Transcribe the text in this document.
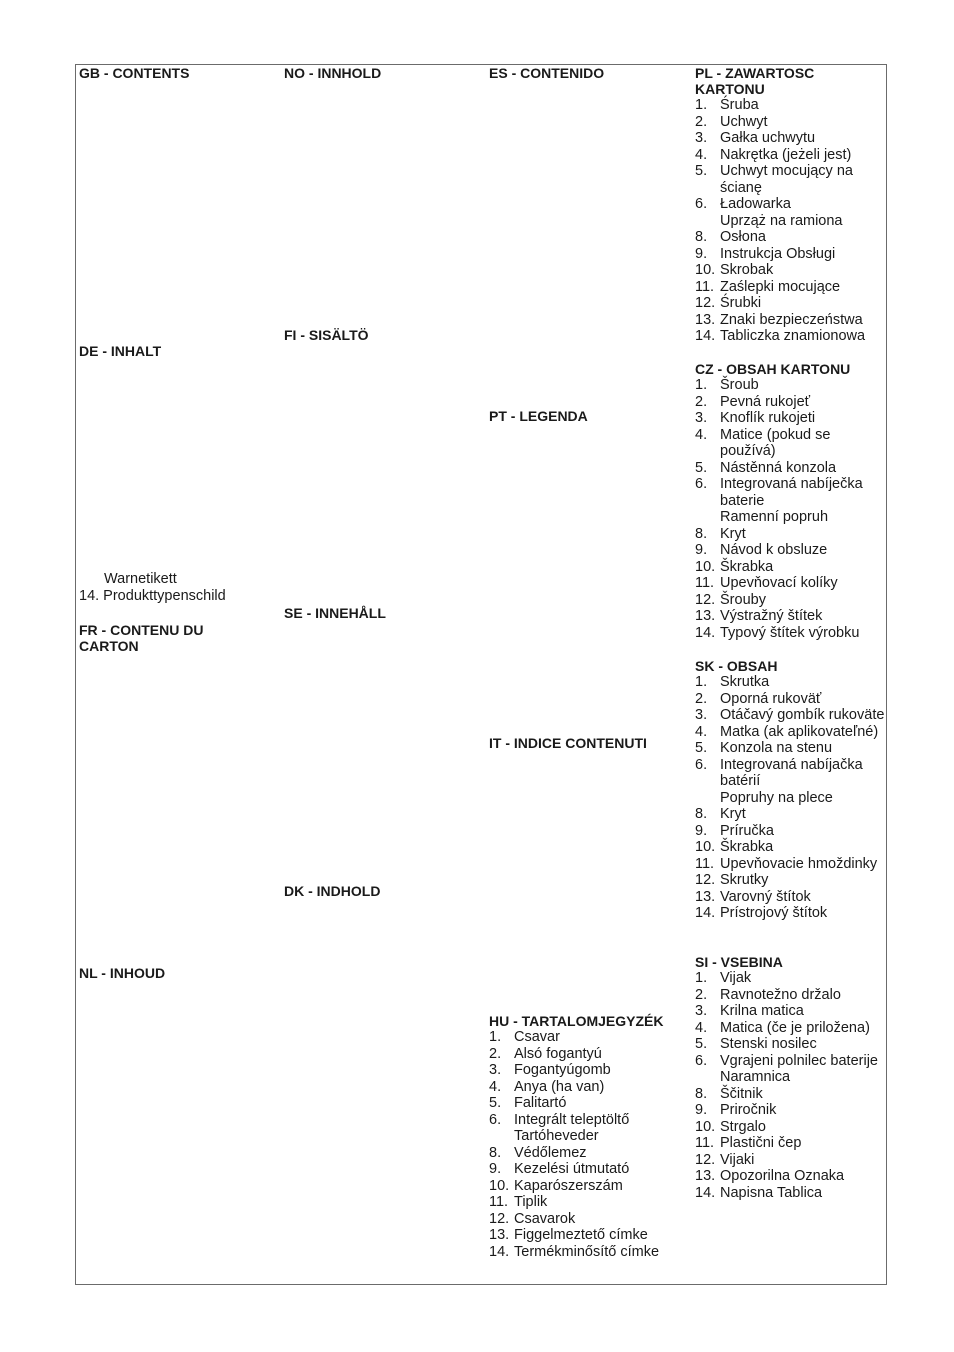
GB - CONTENTS
DE - INHALT
Warnetikett
14. Produkttypenschild
FR - CONTENU DU CARTON
NL - INHOUD
NO - INNHOLD
FI - SISÄLTÖ
SE - INNEHÅLL
DK - INDHOLD
ES - CONTENIDO
PT - LEGENDA
IT - INDICE CONTENUTI
HU - TARTALOMJEGYZÉK
1. Csavar
2. Alsó fogantyú
3. Fogantyúgomb
4. Anya (ha van)
5. Falitartó
6. Integrált teleptöltő
Tartóheveder
8. Védőlemez
9. Kezelési útmutató
10. Kaparószerszám
11. Tiplik
12. Csavarok
13. Figgelmeztető címke
14. Termékminősítő címke
PL - ZAWARTOSC KARTONU
1. Śruba
2. Uchwyt
3. Gałka uchwytu
4. Nakrętka (jeżeli jest)
5. Uchwyt mocujący na ścianę
6. Ładowarka
Uprząż na ramiona
8. Osłona
9. Instrukcja Obsługi
10. Skrobak
11. Zaślepki mocujące
12. Śrubki
13. Znaki bezpieczeństwa
14. Tabliczka znamionowa
CZ - OBSAH KARTONU
1. Šroub
2. Pevná rukojeť
3. Knoflík rukojeti
4. Matice (pokud se používá)
5. Nástěnná konzola
6. Integrovaná nabíječka baterie
Ramenní popruh
8. Kryt
9. Návod k obsluze
10. Škrabka
11. Upevňovací kolíky
12. Šrouby
13. Výstražný štítek
14. Typový štítek výrobku
SK - OBSAH
1. Skrutka
2. Oporná rukoväť
3. Otáčavý gombík rukoväte
4. Matka (ak aplikovateľné)
5. Konzola na stenu
6. Integrovaná nabíjačka batérií
Popruhy na plece
8. Kryt
9. Príručka
10. Škrabka
11. Upevňovacie hmoždinky
12. Skrutky
13. Varovný štítok
14. Prístrojový štítok
SI - VSEBINA
1. Vijak
2. Ravnotežno držalo
3. Krilna matica
4. Matica (če je priložena)
5. Stenski nosilec
6. Vgrajeni polnilec baterije
Naramnica
8. Ščitnik
9. Priročnik
10. Strgalo
11. Plastični čep
12. Vijaki
13. Opozorilna Oznaka
14. Napisna Tablica
